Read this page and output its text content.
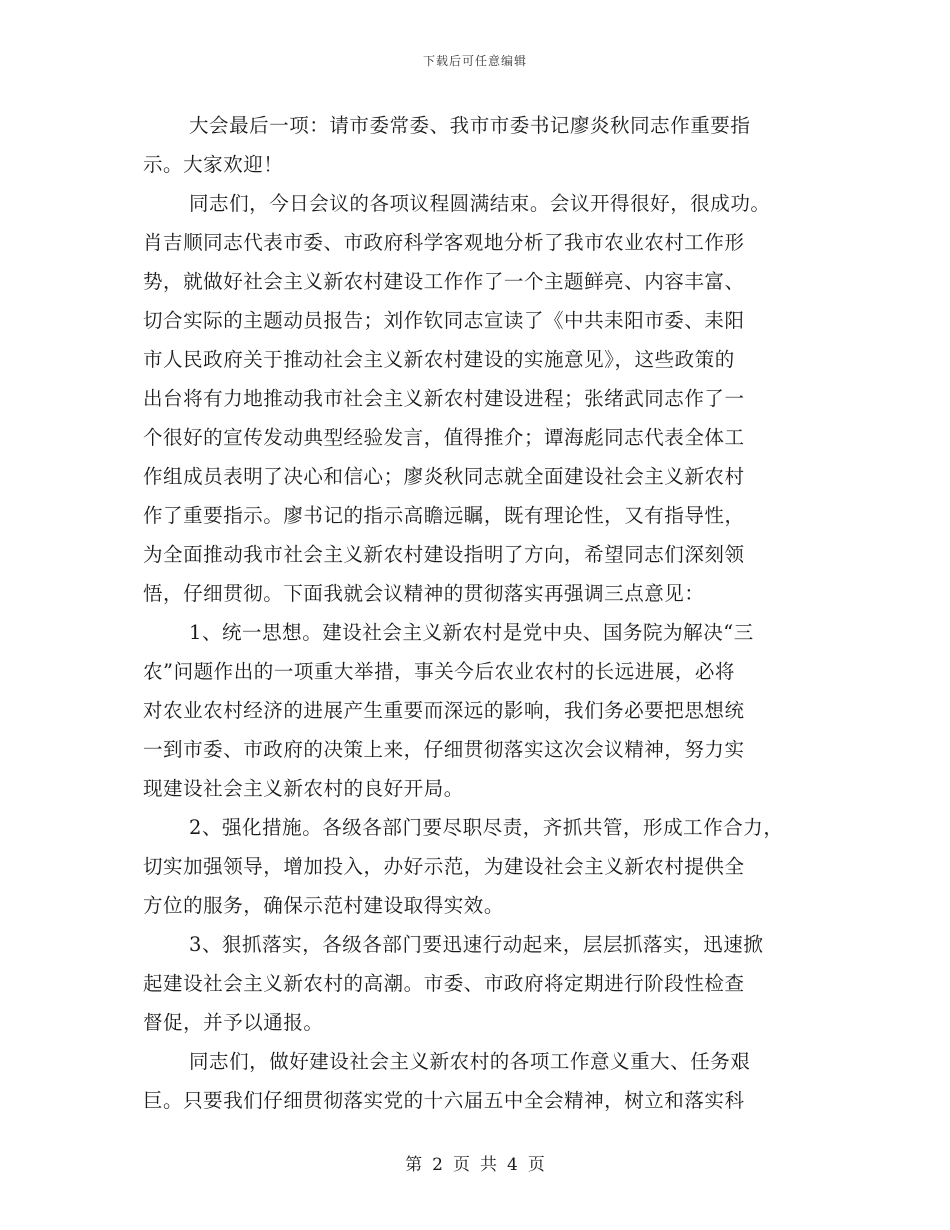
下载后可任意编辑
大会最后一项：请市委常委、我市市委书记廖炎秋同志作重要指
示。大家欢迎！
同志们，今日会议的各项议程圆满结束。会议开得很好，很成功。
肖吉顺同志代表市委、市政府科学客观地分析了我市农业农村工作形
势，就做好社会主义新农村建设工作作了一个主题鲜亮、内容丰富、
切合实际的主题动员报告；刘作钦同志宣读了《中共耒阳市委、耒阳
市人民政府关于推动社会主义新农村建设的实施意见》，这些政策的
出台将有力地推动我市社会主义新农村建设进程；张绪武同志作了一
个很好的宣传发动典型经验发言，值得推介；谭海彪同志代表全体工
作组成员表明了决心和信心；廖炎秋同志就全面建设社会主义新农村
作了重要指示。廖书记的指示高瞻远瞩，既有理论性，又有指导性，
为全面推动我市社会主义新农村建设指明了方向，希望同志们深刻领
悟，仔细贯彻。下面我就会议精神的贯彻落实再强调三点意见：
1、统一思想。建设社会主义新农村是党中央、国务院为解决“三
农”问题作出的一项重大举措，事关今后农业农村的长远进展，必将
对农业农村经济的进展产生重要而深远的影响，我们务必要把思想统
一到市委、市政府的决策上来，仔细贯彻落实这次会议精神，努力实
现建设社会主义新农村的良好开局。
2、强化措施。各级各部门要尽职尽责，齐抓共管，形成工作合力，
切实加强领导，增加投入，办好示范，为建设社会主义新农村提供全
方位的服务，确保示范村建设取得实效。
3、狠抓落实，各级各部门要迅速行动起来，层层抓落实，迅速掀
起建设社会主义新农村的高潮。市委、市政府将定期进行阶段性检查
督促，并予以通报。
同志们，做好建设社会主义新农村的各项工作意义重大、任务艰
巨。只要我们仔细贯彻落实党的十六届五中全会精神，树立和落实科
第 2 页 共 4 页
